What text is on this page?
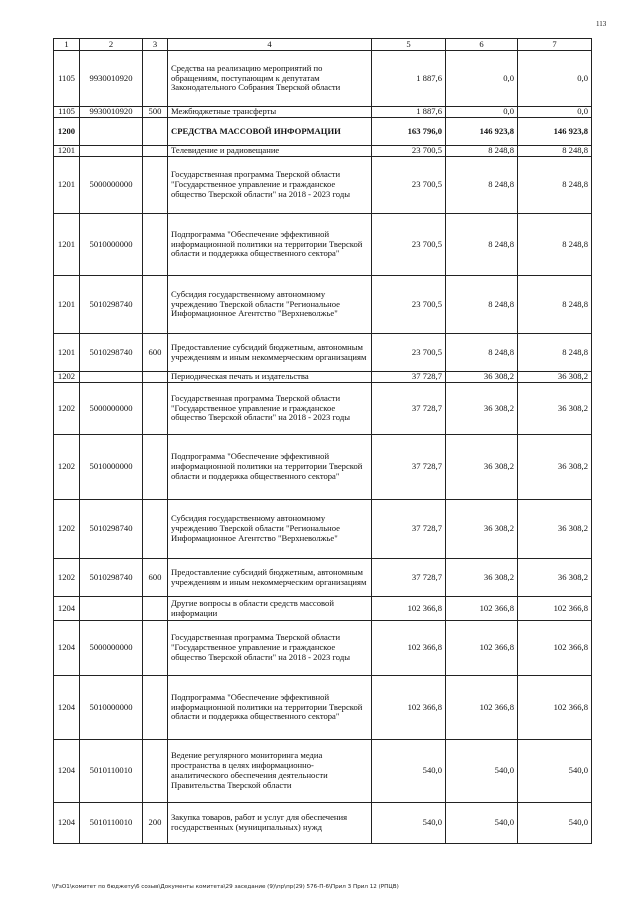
113
1	2	3	4	5	6	7
1105	9930010920		Средства на реализацию мероприятий по обращениям, поступающим к депутатам Законодательного Собрания Тверской области	1 887,6	0,0	0,0
1105	9930010920	500	Межбюджетные трансферты	1 887,6	0,0	0,0
1200			СРЕДСТВА МАССОВОЙ ИНФОРМАЦИИ	163 796,0	146 923,8	146 923,8
1201			Телевидение и радиовещание	23 700,5	8 248,8	8 248,8
1201	5000000000		Государственная программа Тверской области "Государственное управление и гражданское общество Тверской области" на 2018 - 2023 годы	23 700,5	8 248,8	8 248,8
1201	5010000000		Подпрограмма "Обеспечение эффективной информационной политики на территории Тверской области и поддержка общественного сектора"	23 700,5	8 248,8	8 248,8
1201	5010298740		Субсидия государственному автономному учреждению Тверской области "Региональное Информационное Агентство "Верхневолжье"	23 700,5	8 248,8	8 248,8
1201	5010298740	600	Предоставление субсидий бюджетным, автономным учреждениям и иным некоммерческим организациям	23 700,5	8 248,8	8 248,8
1202			Периодическая печать и издательства	37 728,7	36 308,2	36 308,2
1202	5000000000		Государственная программа Тверской области "Государственное управление и гражданское общество Тверской области" на 2018 - 2023 годы	37 728,7	36 308,2	36 308,2
1202	5010000000		Подпрограмма "Обеспечение эффективной информационной политики на территории Тверской области и поддержка общественного сектора"	37 728,7	36 308,2	36 308,2
1202	5010298740		Субсидия государственному автономному учреждению Тверской области "Региональное Информационное Агентство "Верхневолжье"	37 728,7	36 308,2	36 308,2
1202	5010298740	600	Предоставление субсидий бюджетным, автономным учреждениям и иным некоммерческим организациям	37 728,7	36 308,2	36 308,2
1204			Другие вопросы в области средств массовой информации	102 366,8	102 366,8	102 366,8
1204	5000000000		Государственная программа Тверской области "Государственное управление и гражданское общество Тверской области" на 2018 - 2023 годы	102 366,8	102 366,8	102 366,8
1204	5010000000		Подпрограмма "Обеспечение эффективной информационной политики на территории Тверской области и поддержка общественного сектора"	102 366,8	102 366,8	102 366,8
1204	5010110010		Ведение регулярного мониторинга медиа пространства в целях информационно-аналитического обеспечения деятельности Правительства Тверской области	540,0	540,0	540,0
1204	5010110010	200	Закупка товаров, работ и услуг для обеспечения государственных (муниципальных) нужд	540,0	540,0	540,0
\\FsO1\комитет по бюджету\6 созыв\Документы комитета\29 заседание (9)\пр\пр(29) 576-П-6\Прил 3 Прил 12 (РПЦВ)
